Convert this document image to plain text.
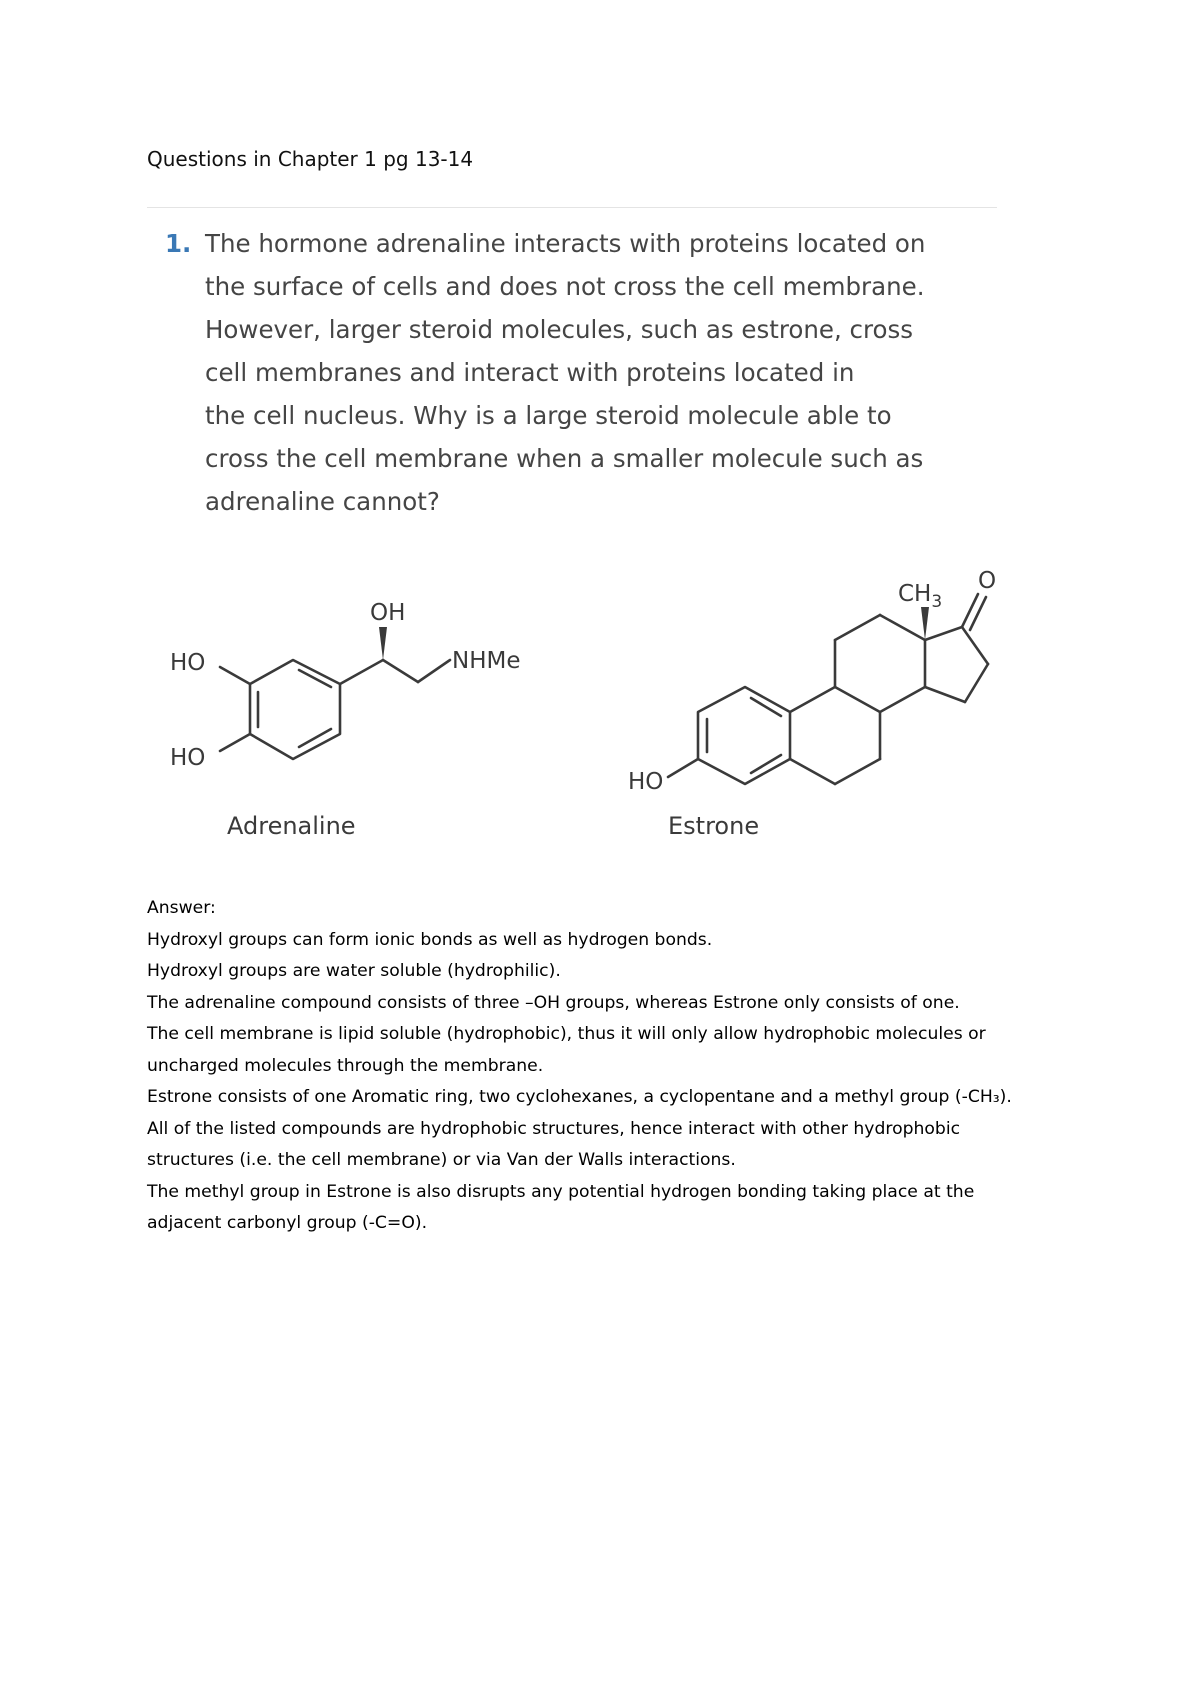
Questions in Chapter 1 pg 13-14
1. The hormone adrenaline interacts with proteins located on
the surface of cells and does not cross the cell membrane.
However, larger steroid molecules, such as estrone, cross
cell membranes and interact with proteins located in
the cell nucleus. Why is a large steroid molecule able to
cross the cell membrane when a smaller molecule such as
adrenaline cannot?
HO
HO
OH
NHMe
HO
$CH_3$
O
Adrenaline	Estrone

Answer:

Hydroxyl groups can form ionic bonds as well as hydrogen bonds.

Hydroxyl groups are water soluble (hydrophilic).

The adrenaline compound consists of three –OH groups, whereas Estrone only consists of one.

The cell membrane is lipid soluble (hydrophobic), thus it will only allow hydrophobic molecules or

uncharged molecules through the membrane.

Estrone consists of one Aromatic ring, two cyclohexanes, a cyclopentane and a methyl group (-CH₃).

All of the listed compounds are hydrophobic structures, hence interact with other hydrophobic

structures (i.e. the cell membrane) or via Van der Walls interactions.

The methyl group in Estrone is also disrupts any potential hydrogen bonding taking place at the

adjacent carbonyl group (-C=O).
